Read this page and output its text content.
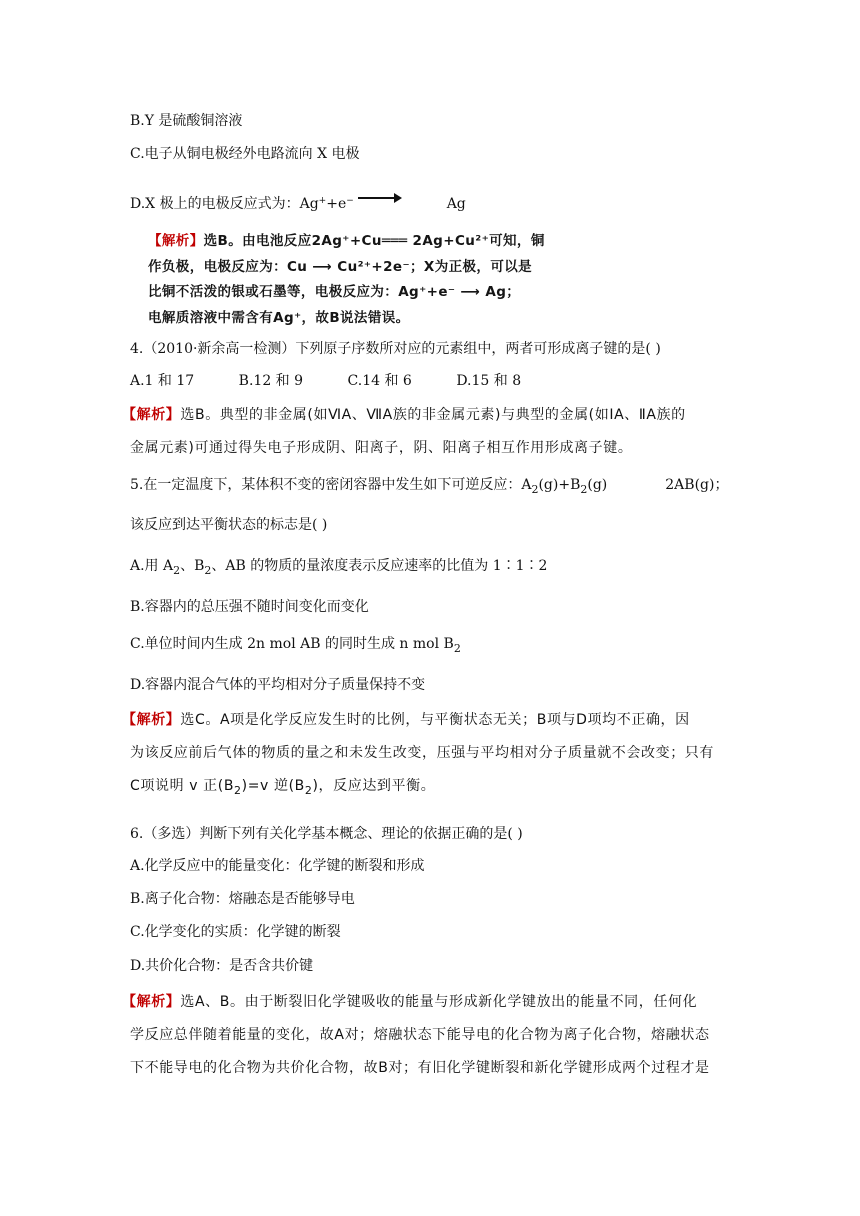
B.Y 是硫酸铜溶液
C.电子从铜电极经外电路流向 X 电极
D.X 极上的电极反应式为：Ag++e− →	Ag
【解析】选B。由电池反应2Ag⁺+Cu═══ 2Ag+Cu²⁺可知，铜
作负极，电极反应为：Cu ⟶ Cu²⁺+2e⁻；X为正极，可以是
比铜不活泼的银或石墨等，电极反应为：Ag⁺+e⁻ ⟶ Ag；
电解质溶液中需含有Ag⁺，故B说法错误。
4.（2010·新余高一检测）下列原子序数所对应的元素组中，两者可形成离子键的是( )
A.1 和 17          B.12 和 9          C.14 和 6          D.15 和 8
【解析】选B。典型的非金属(如ⅥA、ⅦA族的非金属元素)与典型的金属(如ⅠA、ⅡA族的
金属元素)可通过得失电子形成阴、阳离子，阴、阳离子相互作用形成离子键。
5.在一定温度下，某体积不变的密闭容器中发生如下可逆反应：$A_2(g)+B_2(g)$	2AB(g)；
该反应到达平衡状态的标志是( )
A.用 $A_2$、$B_2$、AB 的物质的量浓度表示反应速率的比值为 1∶1∶2
B.容器内的总压强不随时间变化而变化
C.单位时间内生成 2n mol AB 的同时生成 n mol $B_2$
D.容器内混合气体的平均相对分子质量保持不变
【解析】选C。A项是化学反应发生时的比例，与平衡状态无关；B项与D项均不正确，因
为该反应前后气体的物质的量之和未发生改变，压强与平均相对分子质量就不会改变；只有
C项说明 v 正$(B_2)=v$ 逆$(B_2)$，反应达到平衡。
6.（多选）判断下列有关化学基本概念、理论的依据正确的是( )
A.化学反应中的能量变化：化学键的断裂和形成
B.离子化合物：熔融态是否能够导电
C.化学变化的实质：化学键的断裂
D.共价化合物：是否含共价键
【解析】选A、B。由于断裂旧化学键吸收的能量与形成新化学键放出的能量不同，任何化
学反应总伴随着能量的变化，故A对；熔融状态下能导电的化合物为离子化合物，熔融状态
下不能导电的化合物为共价化合物，故B对；有旧化学键断裂和新化学键形成两个过程才是
